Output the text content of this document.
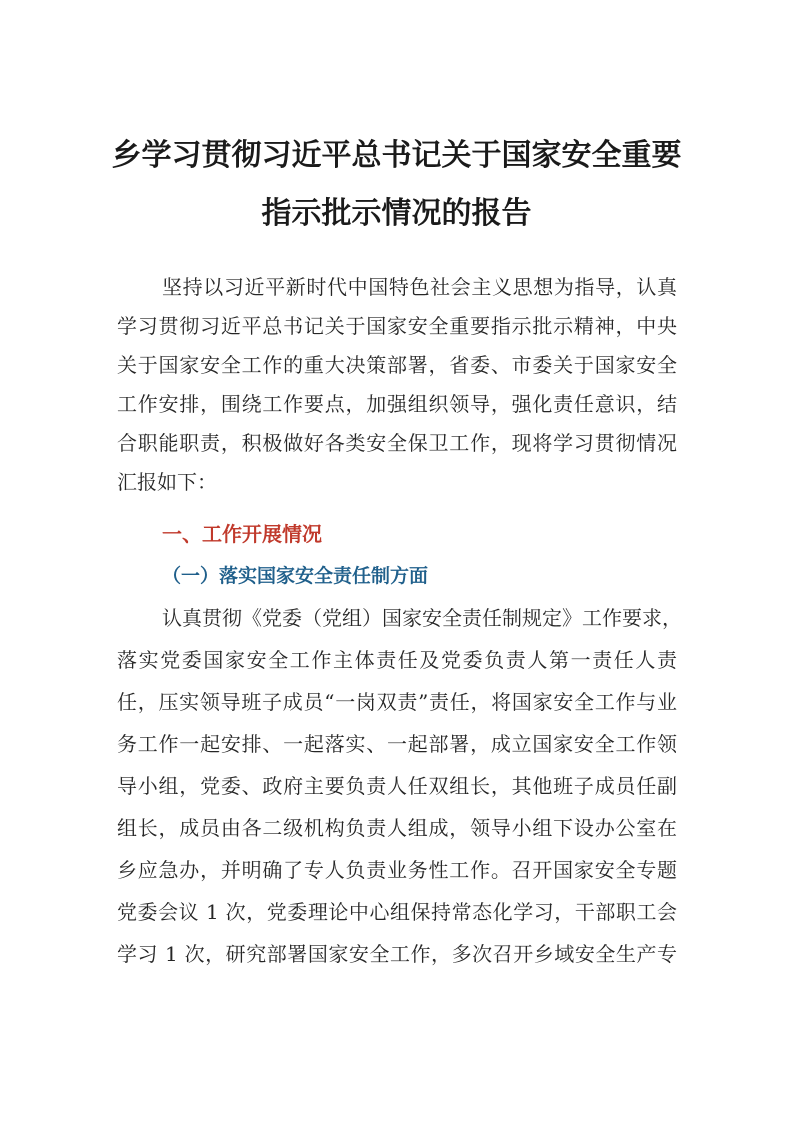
乡学习贯彻习近平总书记关于国家安全重要
指示批示情况的报告
坚持以习近平新时代中国特色社会主义思想为指导，认真
学习贯彻习近平总书记关于国家安全重要指示批示精神，中央
关于国家安全工作的重大决策部署，省委、市委关于国家安全
工作安排，围绕工作要点，加强组织领导，强化责任意识，结
合职能职责，积极做好各类安全保卫工作，现将学习贯彻情况
汇报如下：
一、工作开展情况
（一）落实国家安全责任制方面
认真贯彻《党委（党组）国家安全责任制规定》工作要求，
落实党委国家安全工作主体责任及党委负责人第一责任人责
任，压实领导班子成员“一岗双责”责任，将国家安全工作与业
务工作一起安排、一起落实、一起部署，成立国家安全工作领
导小组，党委、政府主要负责人任双组长，其他班子成员任副
组长，成员由各二级机构负责人组成，领导小组下设办公室在
乡应急办，并明确了专人负责业务性工作。召开国家安全专题
党委会议 1 次，党委理论中心组保持常态化学习，干部职工会
学习 1 次，研究部署国家安全工作，多次召开乡域安全生产专
